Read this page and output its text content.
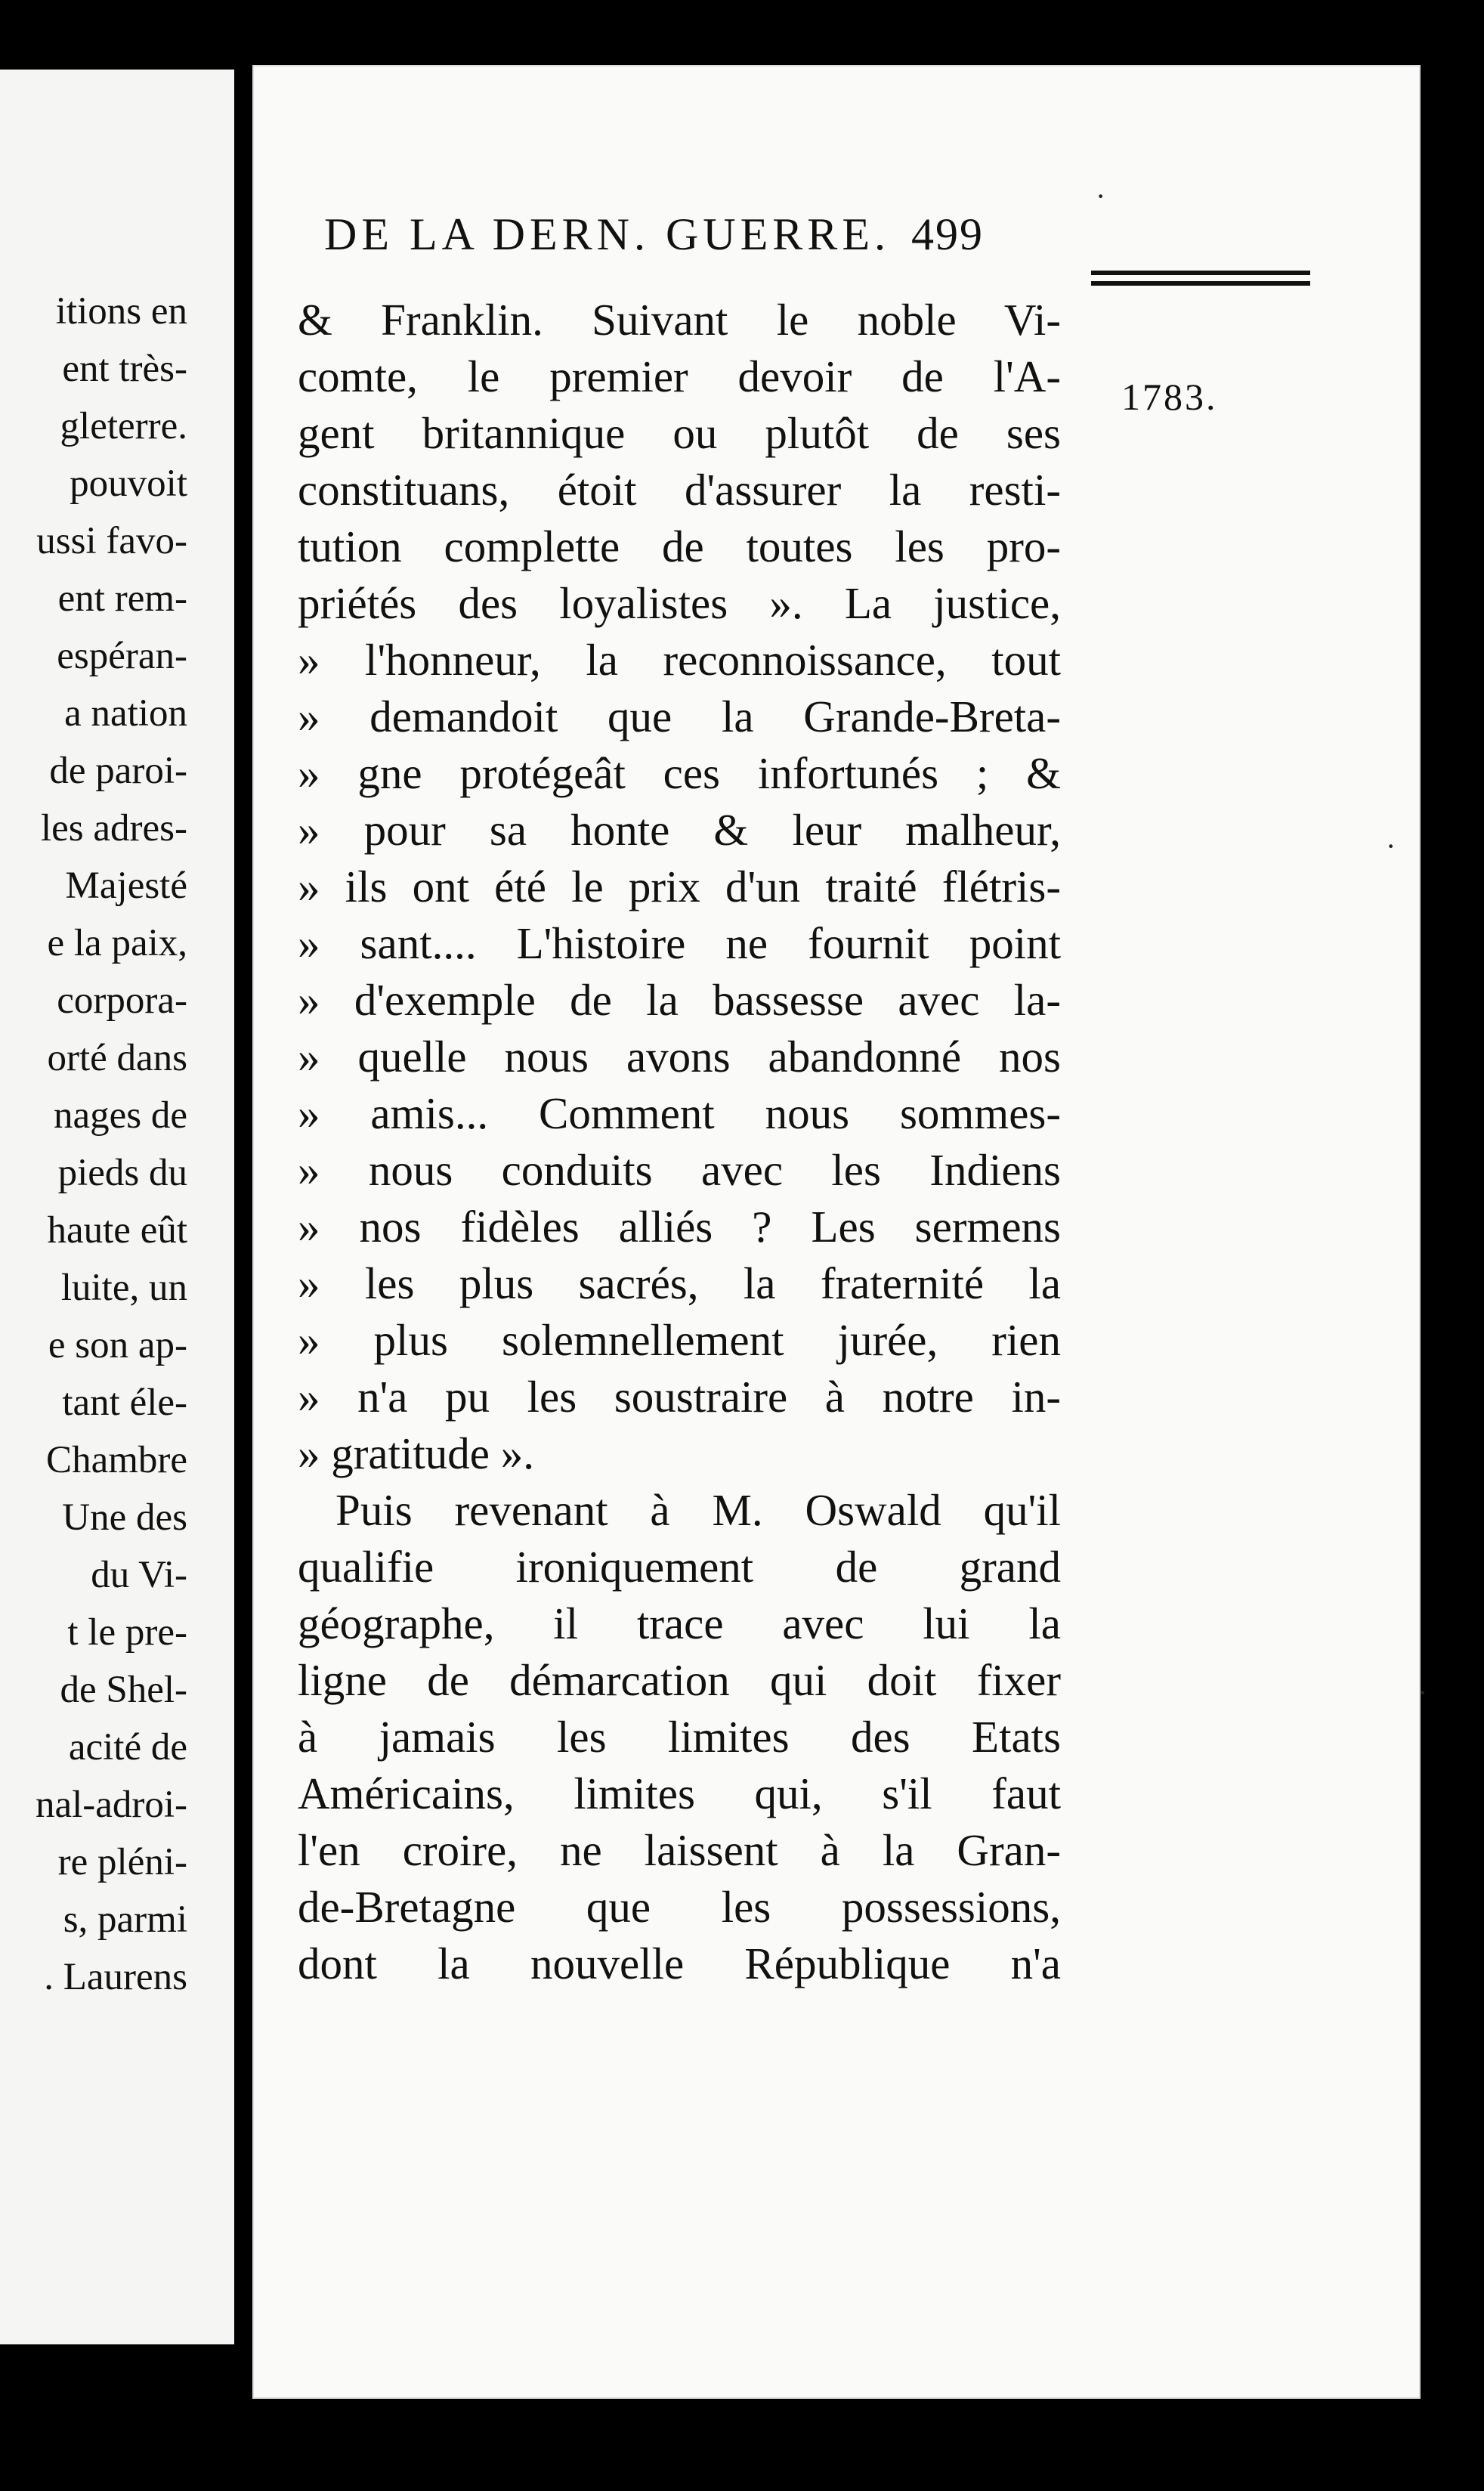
itions en
ent très-
gleterre.
pouvoit
ussi favo-
ent rem-
espéran-
a nation
de paroi-
les adres-
Majesté
e la paix,
corpora-
orté dans
nages de
pieds du
haute eût
luite, un
e son ap-
tant éle-
Chambre
Une des
du Vi-
t le pre-
de Shel-
acité de
nal-adroi-
re pléni-
s, parmi
. Laurens
DE LA DERN. GUERRE. 499
1783.
·
·
·
& Franklin. Suivant le noble Vi-
comte, le premier devoir de l'A-
gent britannique ou plutôt de ses
constituans, étoit d'assurer la resti-
tution complette de toutes les pro-
priétés des loyalistes ». La justice,
» l'honneur, la reconnoissance, tout
» demandoit que la Grande-Breta-
» gne protégeât ces infortunés ; &
» pour sa honte & leur malheur,
» ils ont été le prix d'un traité flétris-
» sant.... L'histoire ne fournit point
» d'exemple de la bassesse avec la-
» quelle nous avons abandonné nos
» amis... Comment nous sommes-
» nous conduits avec les Indiens
» nos fidèles alliés ? Les sermens
» les plus sacrés, la fraternité la
» plus solemnellement jurée, rien
» n'a pu les soustraire à notre in-
» gratitude ».
Puis revenant à M. Oswald qu'il
qualifie ironiquement de grand
géographe, il trace avec lui la
ligne de démarcation qui doit fixer
à jamais les limites des Etats
Américains, limites qui, s'il faut
l'en croire, ne laissent à la Gran-
de-Bretagne que les possessions,
dont la nouvelle République n'a
